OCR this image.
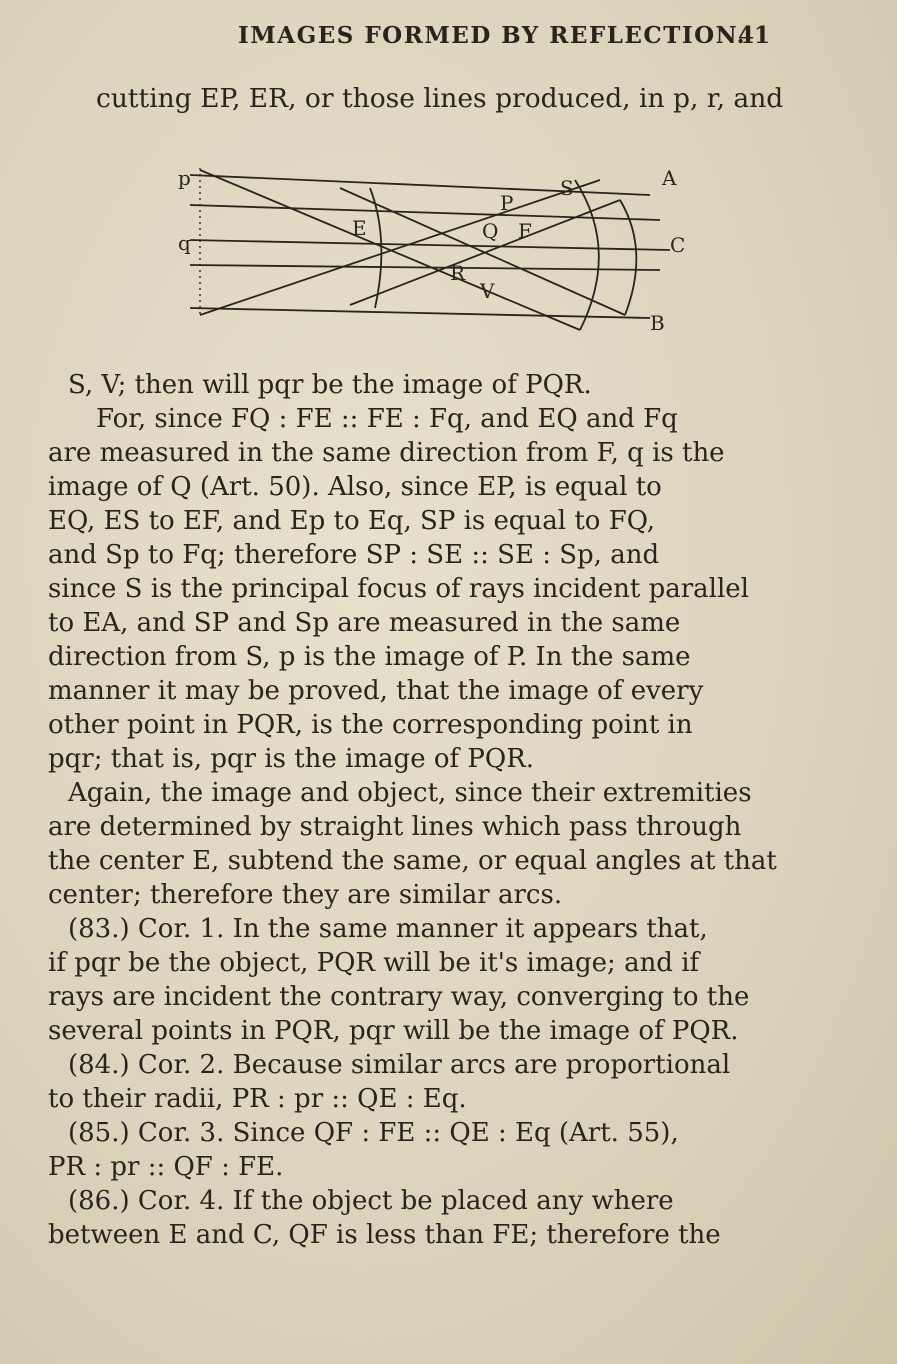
IMAGES FORMED BY REFLECTION.
41
cutting EP, ER, or those lines produced, in p, r, and
A
B
C
E	F
P
Q
R
S
V
p
q
S, V; then will pqr be the image of PQR.
For, since FQ : FE :: FE : Fq, and EQ and Fq
are measured in the same direction from F, q is the
image of Q (Art. 50). Also, since EP, is equal to
EQ, ES to EF, and Ep to Eq, SP is equal to FQ,
and Sp to Fq; therefore SP : SE :: SE : Sp, and
since S is the principal focus of rays incident parallel
to EA, and SP and Sp are measured in the same
direction from S, p is the image of P. In the same
manner it may be proved, that the image of every
other point in PQR, is the corresponding point in
pqr; that is, pqr is the image of PQR.
Again, the image and object, since their extremities
are determined by straight lines which pass through
the center E, subtend the same, or equal angles at that
center; therefore they are similar arcs.
(83.) Cor. 1. In the same manner it appears that,
if pqr be the object, PQR will be it's image; and if
rays are incident the contrary way, converging to the
several points in PQR, pqr will be the image of PQR.
(84.) Cor. 2. Because similar arcs are proportional
to their radii, PR : pr :: QE : Eq.
(85.) Cor. 3. Since QF : FE :: QE : Eq (Art. 55),
PR : pr :: QF : FE.
(86.) Cor. 4. If the object be placed any where
between E and C, QF is less than FE; therefore the
